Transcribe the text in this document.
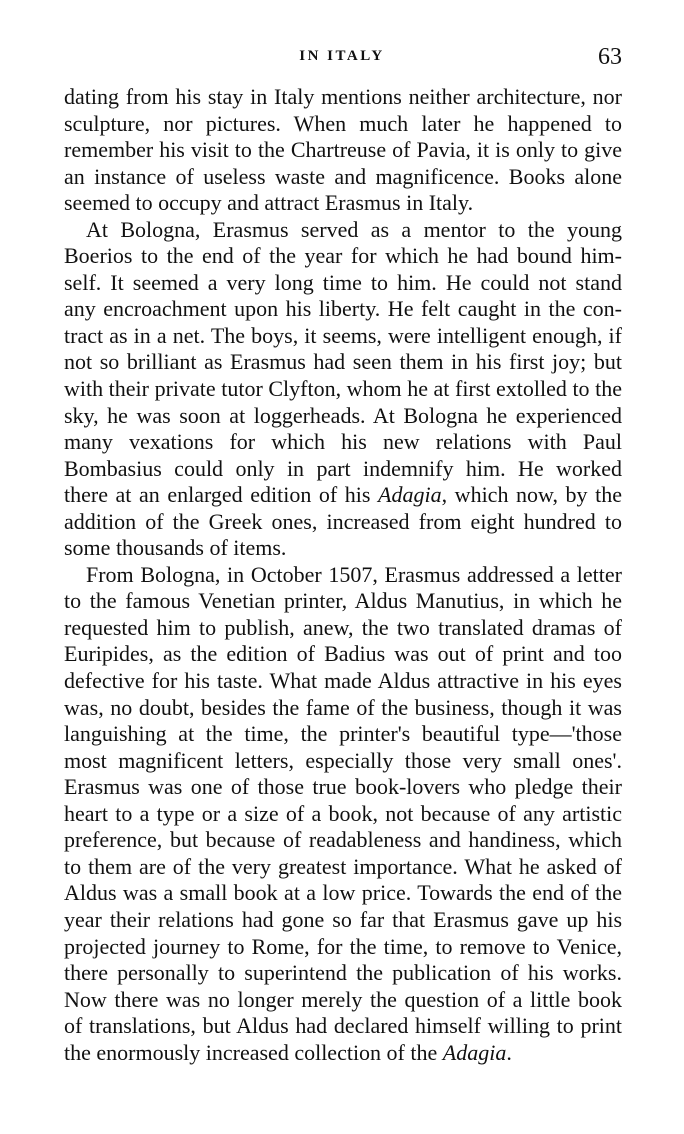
IN ITALY	63
dating from his stay in Italy mentions neither architecture, nor
sculpture, nor pictures. When much later he happened to
remember his visit to the Chartreuse of Pavia, it is only to give
an instance of useless waste and magnificence. Books alone
seemed to occupy and attract Erasmus in Italy.
At Bologna, Erasmus served as a mentor to the young
Boerios to the end of the year for which he had bound him-
self. It seemed a very long time to him. He could not stand
any encroachment upon his liberty. He felt caught in the con-
tract as in a net. The boys, it seems, were intelligent enough, if
not so brilliant as Erasmus had seen them in his first joy; but
with their private tutor Clyfton, whom he at first extolled to the
sky, he was soon at loggerheads. At Bologna he experienced
many vexations for which his new relations with Paul
Bombasius could only in part indemnify him. He worked
there at an enlarged edition of his Adagia, which now, by the
addition of the Greek ones, increased from eight hundred to
some thousands of items.
From Bologna, in October 1507, Erasmus addressed a letter
to the famous Venetian printer, Aldus Manutius, in which he
requested him to publish, anew, the two translated dramas of
Euripides, as the edition of Badius was out of print and too
defective for his taste. What made Aldus attractive in his eyes
was, no doubt, besides the fame of the business, though it was
languishing at the time, the printer's beautiful type—'those
most magnificent letters, especially those very small ones'.
Erasmus was one of those true book-lovers who pledge their
heart to a type or a size of a book, not because of any artistic
preference, but because of readableness and handiness, which
to them are of the very greatest importance. What he asked of
Aldus was a small book at a low price. Towards the end of the
year their relations had gone so far that Erasmus gave up his
projected journey to Rome, for the time, to remove to Venice,
there personally to superintend the publication of his works.
Now there was no longer merely the question of a little book
of translations, but Aldus had declared himself willing to print
the enormously increased collection of the Adagia.
